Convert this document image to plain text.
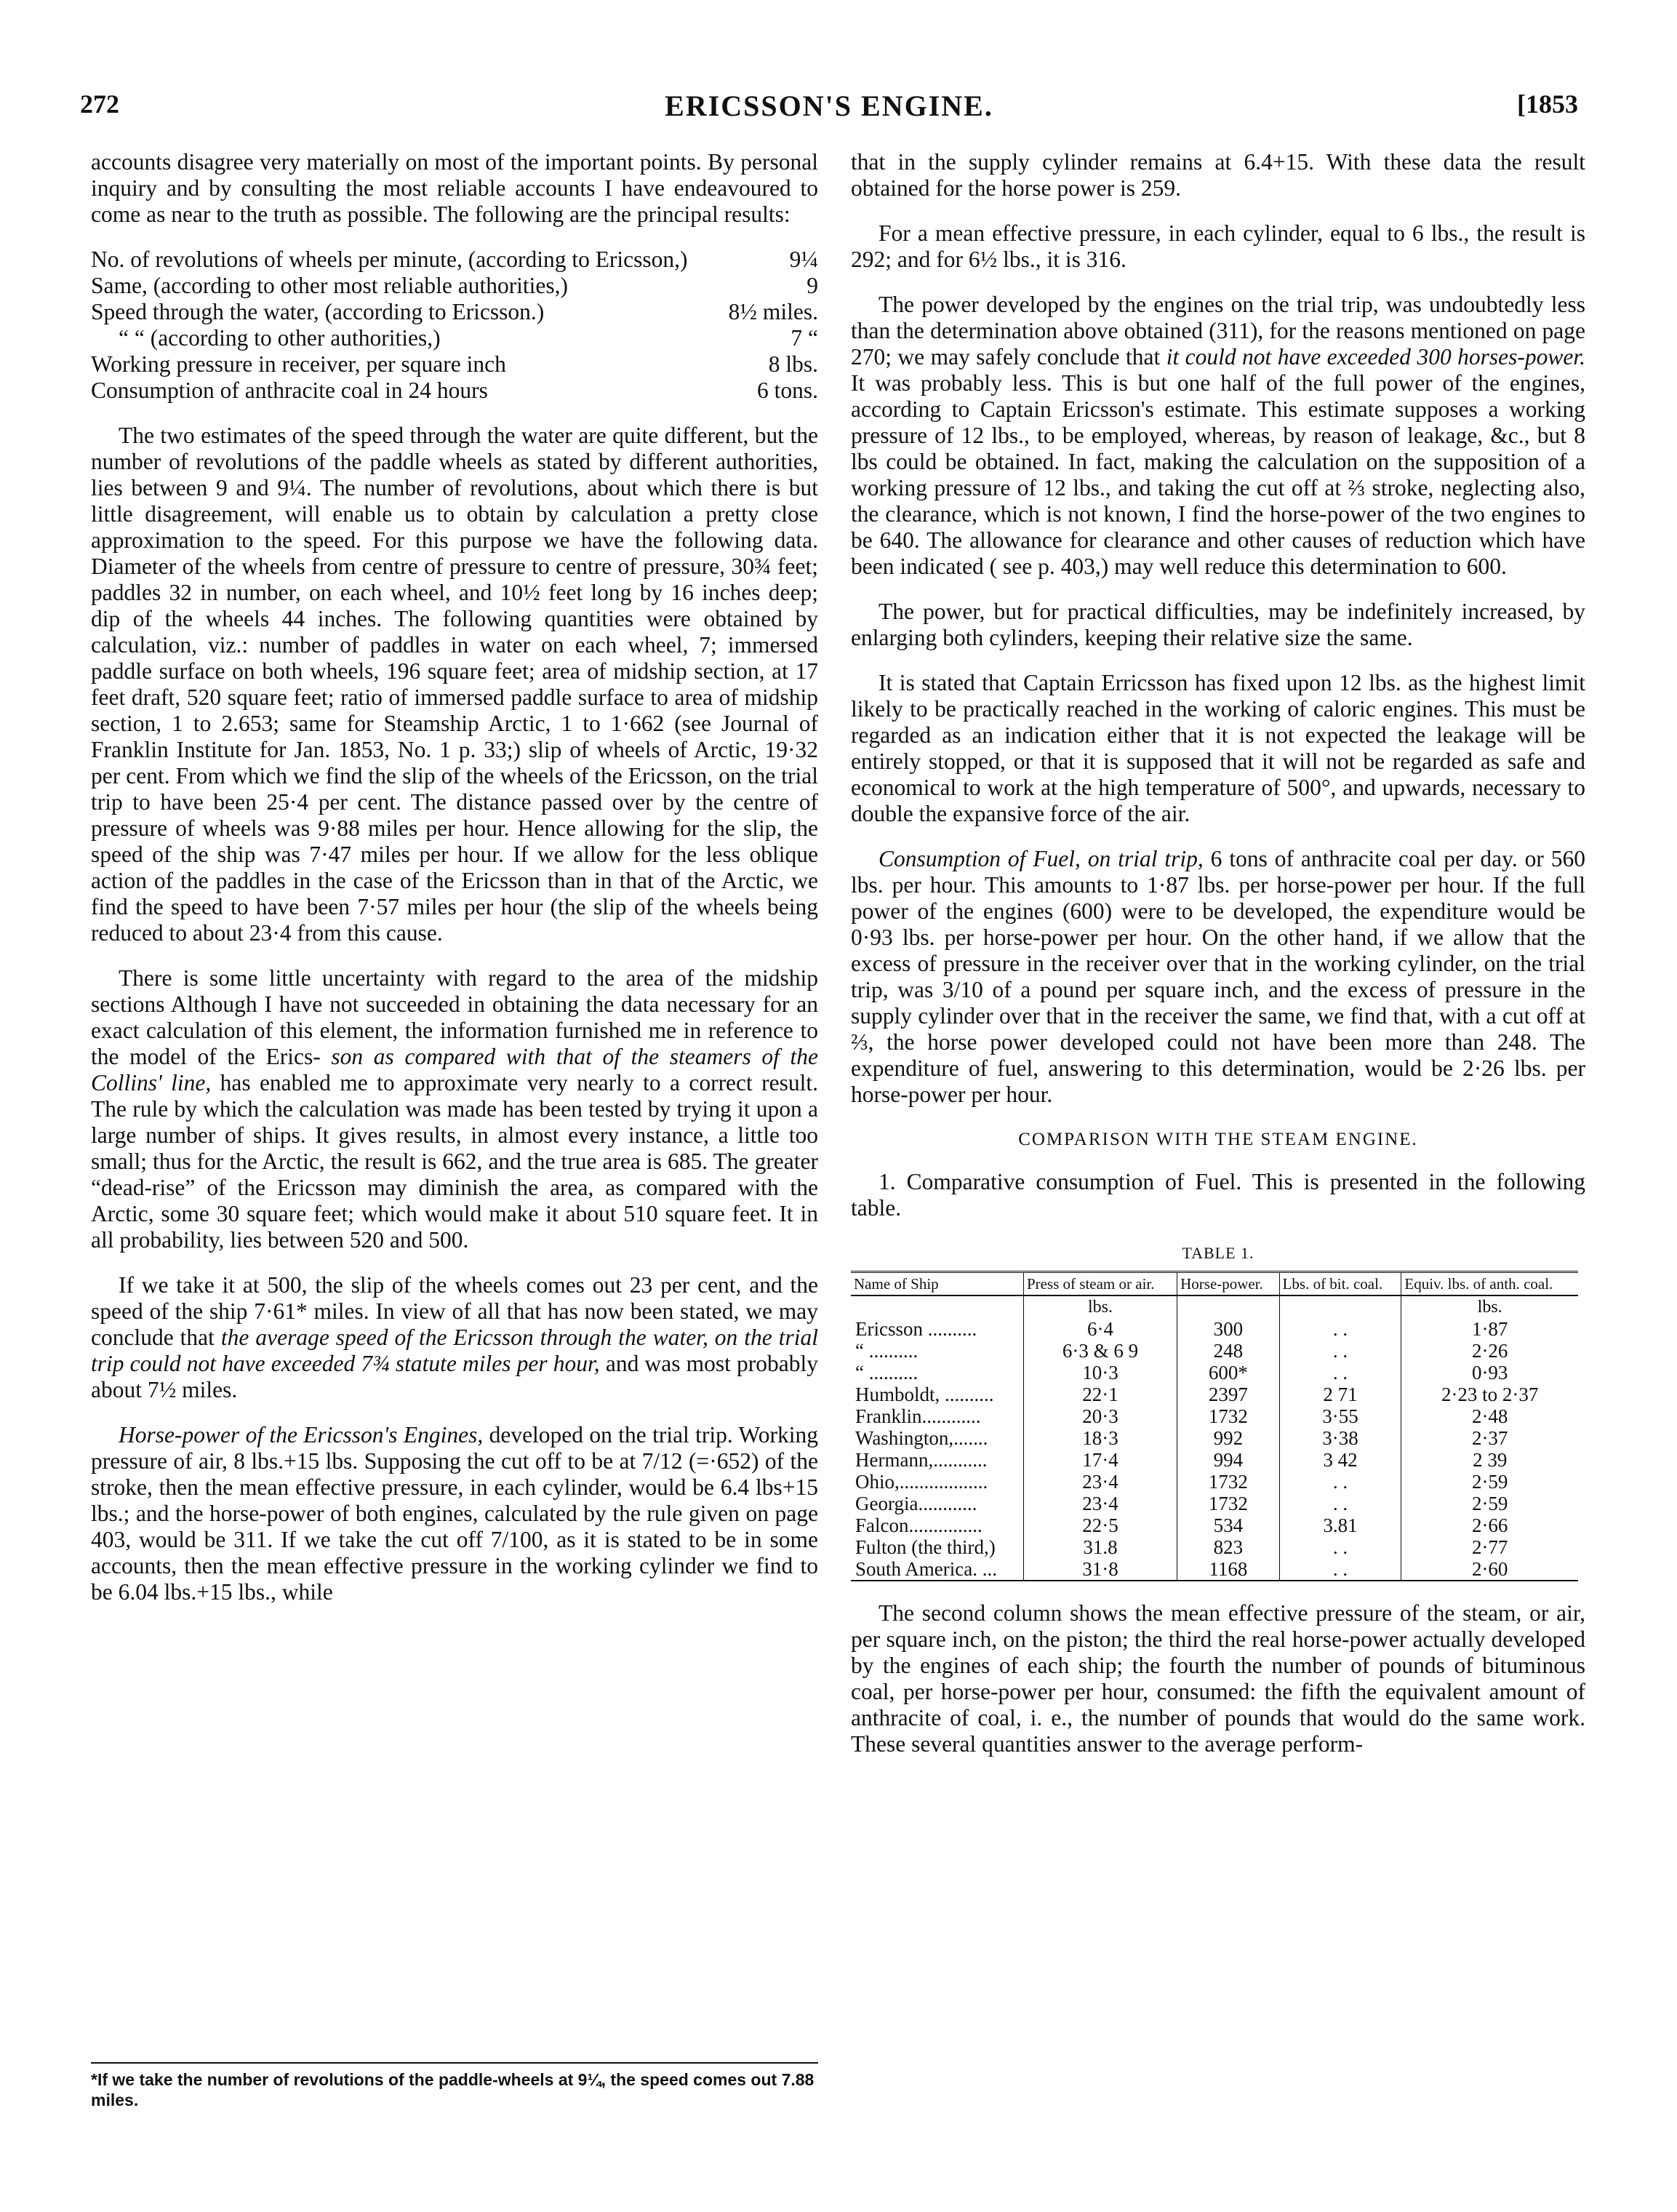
272	ERICSSON'S ENGINE.	[1853

accounts disagree very materially on most of the important points. By personal inquiry and by consulting the most reliable accounts I have endeavoured to come as near to the truth as possible. The following are the principal results:

No. of revolutions of wheels per minute, (according to Ericsson,)	9¼
Same, (according to other most reliable authorities,)	9
Speed through the water, (according to Ericsson.)	8½ miles.
“ “ (according to other authorities,)	7 “
Working pressure in receiver, per square inch	8 lbs.
Consumption of anthracite coal in 24 hours	6 tons.

The two estimates of the speed through the water are quite different, but the number of revolutions of the paddle wheels as stated by different authorities, lies between 9 and 9¼. The number of revolutions, about which there is but little disagreement, will enable us to obtain by calculation a pretty close approximation to the speed. For this purpose we have the following data. Diameter of the wheels from centre of pressure to centre of pressure, 30¾ feet; paddles 32 in number, on each wheel, and 10½ feet long by 16 inches deep; dip of the wheels 44 inches. The following quantities were obtained by calculation, viz.: number of paddles in water on each wheel, 7; immersed paddle surface on both wheels, 196 square feet; area of midship section, at 17 feet draft, 520 square feet; ratio of immersed paddle surface to area of midship section, 1 to 2.653; same for Steamship Arctic, 1 to 1·662 (see Journal of Franklin Institute for Jan. 1853, No. 1 p. 33;) slip of wheels of Arctic, 19·32 per cent. From which we find the slip of the wheels of the Ericsson, on the trial trip to have been 25·4 per cent. The distance passed over by the centre of pressure of wheels was 9·88 miles per hour. Hence allowing for the slip, the speed of the ship was 7·47 miles per hour. If we allow for the less oblique action of the paddles in the case of the Ericsson than in that of the Arctic, we find the speed to have been 7·57 miles per hour (the slip of the wheels being reduced to about 23·4 from this cause.

There is some little uncertainty with regard to the area of the midship sections Although I have not succeeded in obtaining the data necessary for an exact calculation of this element, the information furnished me in reference to the model of the Erics- son as compared with that of the steamers of the Collins' line, has enabled me to approximate very nearly to a correct result. The rule by which the calculation was made has been tested by trying it upon a large number of ships. It gives results, in almost every instance, a little too small; thus for the Arctic, the result is 662, and the true area is 685. The greater “dead-rise” of the Ericsson may diminish the area, as compared with the Arctic, some 30 square feet; which would make it about 510 square feet. It in all probability, lies between 520 and 500.

If we take it at 500, the slip of the wheels comes out 23 per cent, and the speed of the ship 7·61* miles. In view of all that has now been stated, we may conclude that the average speed of the Ericsson through the water, on the trial trip could not have exceeded 7¾ statute miles per hour, and was most probably about 7½ miles.

Horse-power of the Ericsson's Engines, developed on the trial trip. Working pressure of air, 8 lbs.+15 lbs. Supposing the cut off to be at 7/12 (=·652) of the stroke, then the mean effective pressure, in each cylinder, would be 6.4 lbs+15 lbs.; and the horse-power of both engines, calculated by the rule given on page 403, would be 311. If we take the cut off 7/100, as it is stated to be in some accounts, then the mean effective pressure in the working cylinder we find to be 6.04 lbs.+15 lbs., while

*If we take the number of revolutions of the paddle-wheels at 9¼, the speed comes out 7.88 miles.

that in the supply cylinder remains at 6.4+15. With these data the result obtained for the horse power is 259.

For a mean effective pressure, in each cylinder, equal to 6 lbs., the result is 292; and for 6½ lbs., it is 316.

The power developed by the engines on the trial trip, was undoubtedly less than the determination above obtained (311), for the reasons mentioned on page 270; we may safely conclude that it could not have exceeded 300 horses-power. It was probably less. This is but one half of the full power of the engines, according to Captain Ericsson's estimate. This estimate supposes a working pressure of 12 lbs., to be employed, whereas, by reason of leakage, &c., but 8 lbs could be obtained. In fact, making the calculation on the supposition of a working pressure of 12 lbs., and taking the cut off at ⅔ stroke, neglecting also, the clearance, which is not known, I find the horse-power of the two engines to be 640. The allowance for clearance and other causes of reduction which have been indicated ( see p. 403,) may well reduce this determination to 600.

The power, but for practical difficulties, may be indefinitely increased, by enlarging both cylinders, keeping their relative size the same.

It is stated that Captain Erricsson has fixed upon 12 lbs. as the highest limit likely to be practically reached in the working of caloric engines. This must be regarded as an indication either that it is not expected the leakage will be entirely stopped, or that it is supposed that it will not be regarded as safe and economical to work at the high temperature of 500°, and upwards, necessary to double the expansive force of the air.

Consumption of Fuel, on trial trip, 6 tons of anthracite coal per day. or 560 lbs. per hour. This amounts to 1·87 lbs. per horse-power per hour. If the full power of the engines (600) were to be developed, the expenditure would be 0·93 lbs. per horse-power per hour. On the other hand, if we allow that the excess of pressure in the receiver over that in the working cylinder, on the trial trip, was 3/10 of a pound per square inch, and the excess of pressure in the supply cylinder over that in the receiver the same, we find that, with a cut off at ⅔, the horse power developed could not have been more than 248. The expenditure of fuel, answering to this determination, would be 2·26 lbs. per horse-power per hour.

COMPARISON WITH THE STEAM ENGINE.

1. Comparative consumption of Fuel. This is presented in the following table.

TABLE 1.
Name of Ship	Press of steam or air.	Horse-power.	Lbs. of bit. coal.	Equiv. lbs. of anth. coal.
	lbs.			lbs.
Ericsson ..........	6·4	300	. .	1·87
“ ..........	6·3 & 6 9	248	. .	2·26
“ ..........	10·3	600*	. .	0·93
Humboldt, ..........	22·1	2397	2 71	2·23 to 2·37
Franklin............	20·3	1732	3·55	2·48
Washington,.......	18·3	992	3·38	2·37
Hermann,...........	17·4	994	3 42	2 39
Ohio,..................	23·4	1732	. .	2·59
Georgia............	23·4	1732	. .	2·59
Falcon...............	22·5	534	3.81	2·66
Fulton (the third,)	31.8	823	. .	2·77
South America. ...	31·8	1168	. .	2·60

The second column shows the mean effective pressure of the steam, or air, per square inch, on the piston; the third the real horse-power actually developed by the engines of each ship; the fourth the number of pounds of bituminous coal, per horse-power per hour, consumed: the fifth the equivalent amount of anthracite of coal, i. e., the number of pounds that would do the same work. These several quantities answer to the average perform-
